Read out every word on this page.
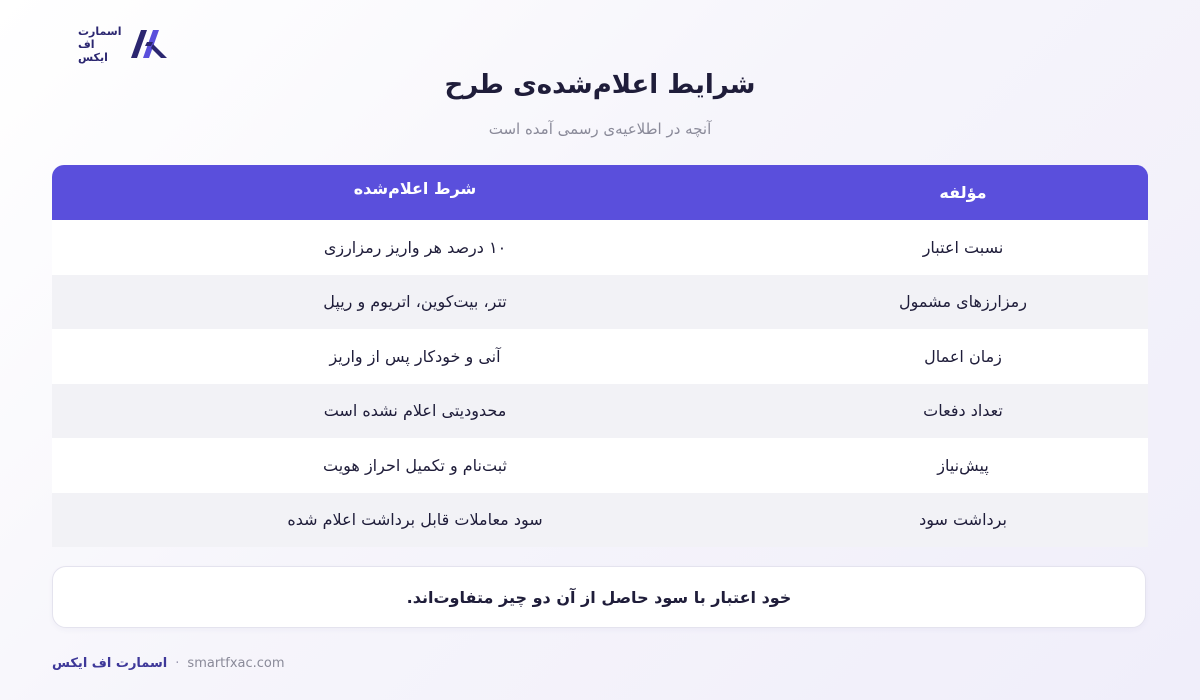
اسمارت
اف
ایکس
شرایط اعلام‌شده‌ی طرح
آنچه در اطلاعیه‌ی رسمی آمده است
مؤلفه
شرط اعلام‌شده
نسبت اعتبار
۱۰ درصد هر واریز رمزارزی
رمزارزهای مشمول
تتر، بیت‌کوین، اتریوم و ریپل
زمان اعمال
آنی و خودکار پس از واریز
تعداد دفعات
محدودیتی اعلام نشده است
پیش‌نیاز
ثبت‌نام و تکمیل احراز هویت
برداشت سود
سود معاملات قابل برداشت اعلام شده
خود اعتبار با سود حاصل از آن دو چیز متفاوت‌اند.
اسمارت اف ایکس · smartfxac.com
